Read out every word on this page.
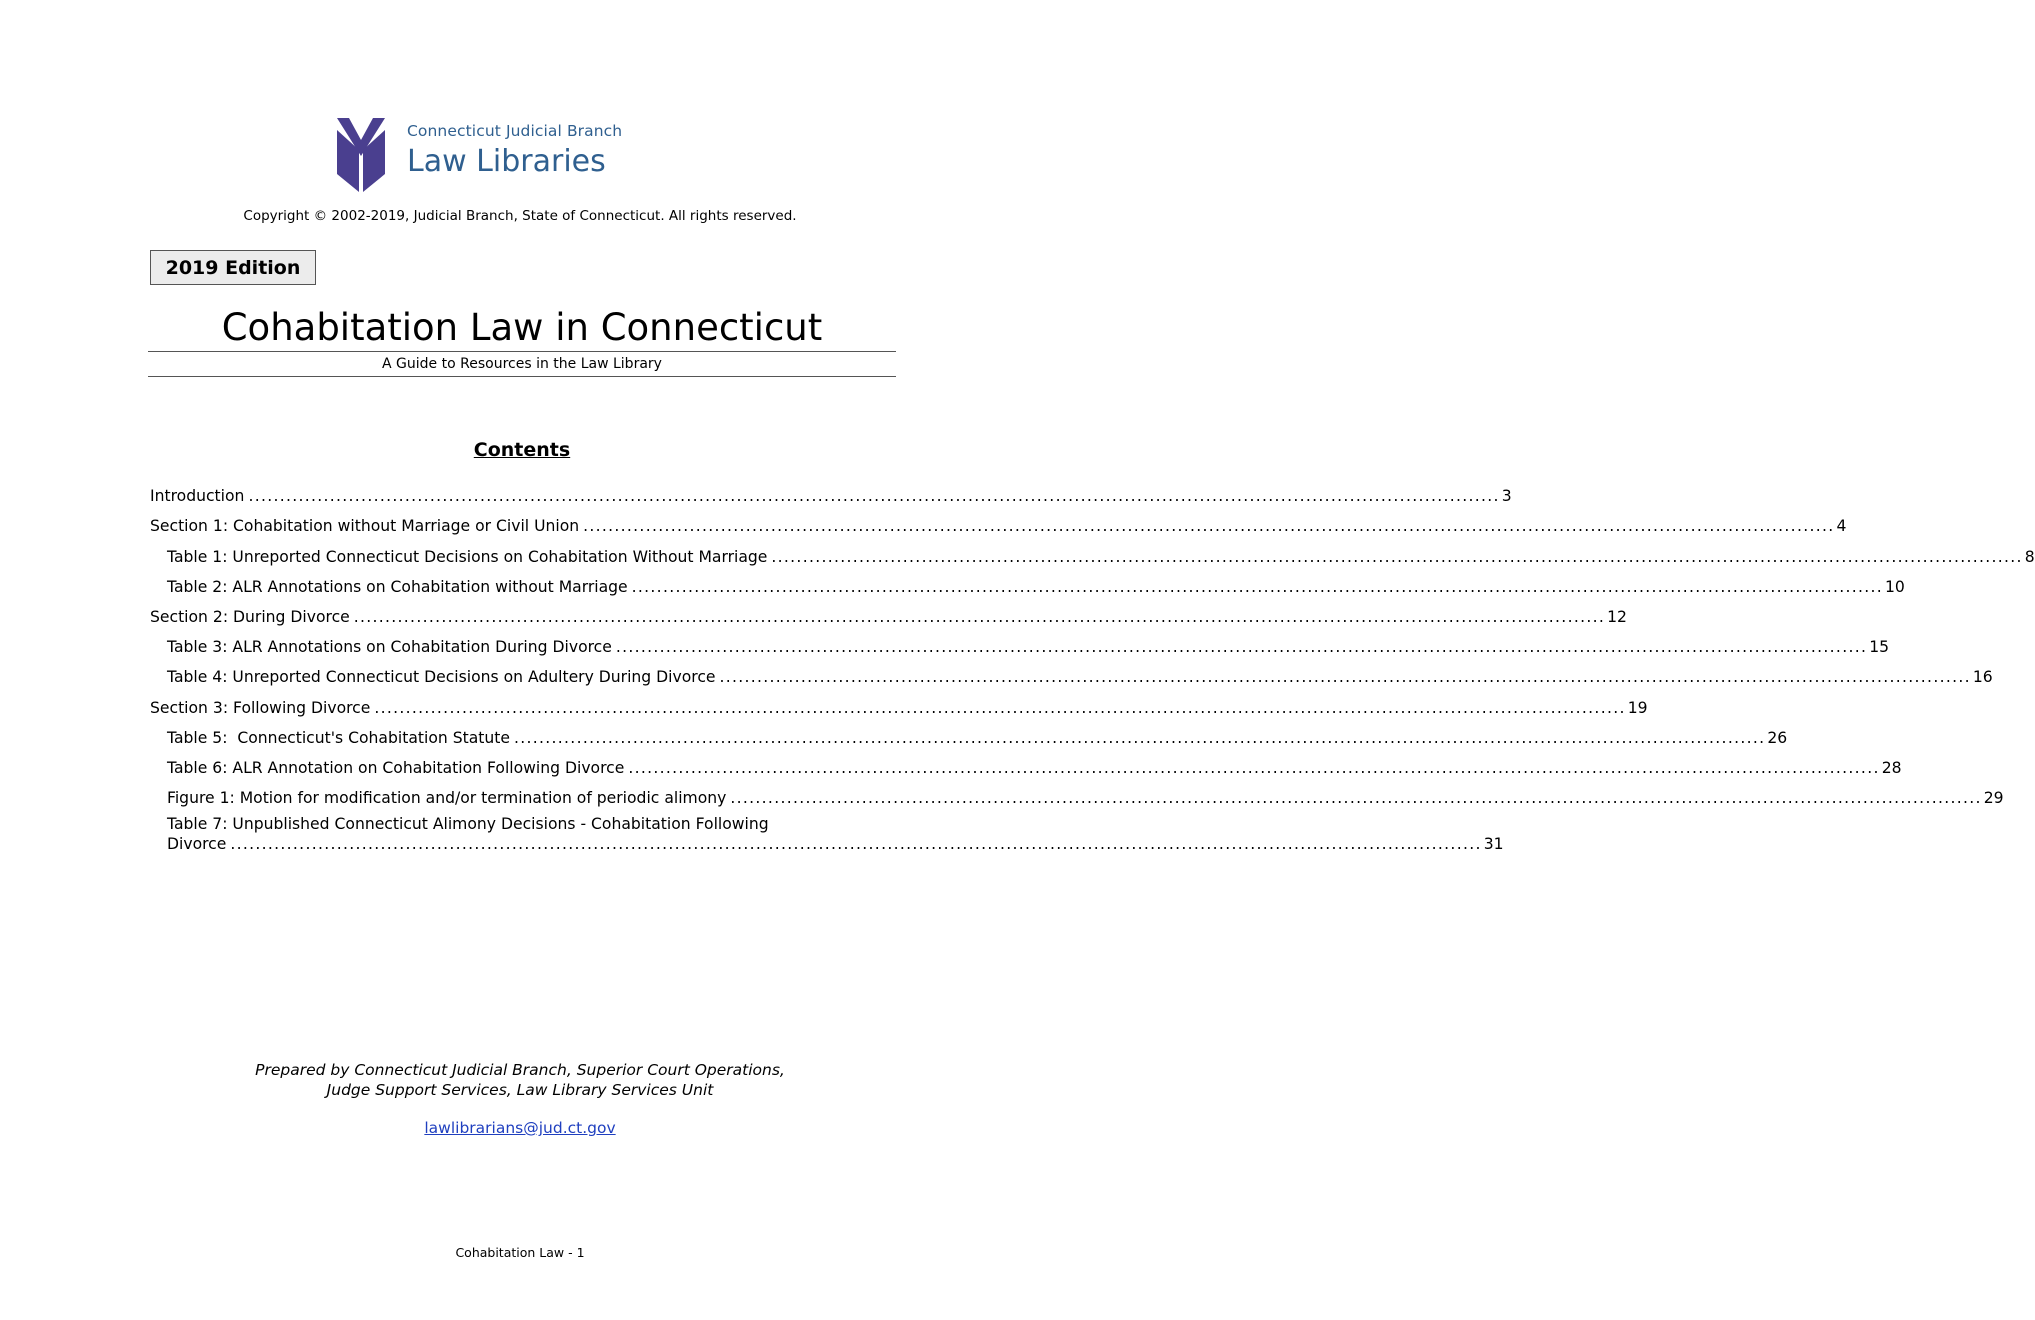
Connecticut Judicial Branch
Law Libraries
Copyright © 2002-2019, Judicial Branch, State of Connecticut. All rights reserved.
2019 Edition
Cohabitation Law in Connecticut
A Guide to Resources in the Law Library
Contents
Introduction ........................................................................................................................................................................................................ 3
Section 1: Cohabitation without Marriage or Civil Union ........................................................................................................................................................................................................ 4
Table 1: Unreported Connecticut Decisions on Cohabitation Without Marriage ........................................................................................................................................................................................................ 8
Table 2: ALR Annotations on Cohabitation without Marriage ........................................................................................................................................................................................................ 10
Section 2: During Divorce ........................................................................................................................................................................................................ 12
Table 3: ALR Annotations on Cohabitation During Divorce ........................................................................................................................................................................................................ 15
Table 4: Unreported Connecticut Decisions on Adultery During Divorce ........................................................................................................................................................................................................ 16
Section 3: Following Divorce ........................................................................................................................................................................................................ 19
Table 5:  Connecticut's Cohabitation Statute ........................................................................................................................................................................................................ 26
Table 6: ALR Annotation on Cohabitation Following Divorce ........................................................................................................................................................................................................ 28
Figure 1: Motion for modification and/or termination of periodic alimony ........................................................................................................................................................................................................ 29
Table 7: Unpublished Connecticut Alimony Decisions - Cohabitation Following
Divorce ........................................................................................................................................................................................................ 31
Prepared by Connecticut Judicial Branch, Superior Court Operations,
Judge Support Services, Law Library Services Unit
lawlibrarians@jud.ct.gov
Cohabitation Law - 1
